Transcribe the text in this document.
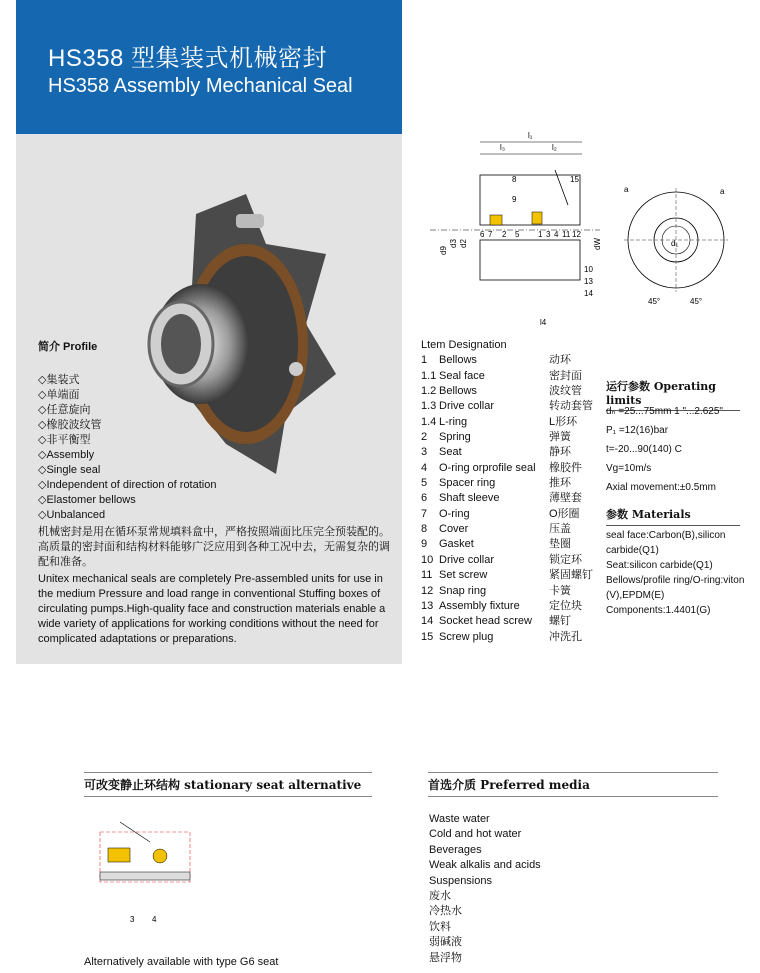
HS358 型集装式机械密封
HS358 Assembly Mechanical Seal
简介 Profile
◇集装式
◇单端面
◇任意旋向
◇橡胶波纹管
◇非平衡型
◇Assembly
◇Single seal
◇Independent of direction of rotation
◇Elastomer bellows
◇Unbalanced
机械密封是用在循环泵常规填料盒中，严格按照端面比压完全预装配的。高质量的密封面和结构材料能够广泛应用到各种工况中去，无需复杂的调配和准备。
Unitex mechanical seals are completely Pre-assembled units for use in the medium Pressure and load range in conventional Stuffing boxes of circulating pumps.High-quality face and construction materials enable a wide variety of applications for working conditions without the need for complicated adaptations or preparations.
l₁
l₃	l₂
d9
d3 d2	dW
8
9
15
6 7 2 5 1 3 4 11 12
10
13
14
l4
a	a
d₁
45°	45°
Ltem Designation
1	Bellows	动环
1.1 Seal face	密封面
1.2 Bellows	波纹管
1.3 Drive collar	转动套管
1.4 L-ring	L形环
2	Spring	弹簧
3	Seat	静环
4	O-ring orprofile seal	橡胶件
5	Spacer ring	推环
6	Shaft sleeve	薄壁套
7	O-ring	O形圈
8	Cover	压盖
9	Gasket	垫圈
10 Drive collar	锁定环
11 Set screw	紧固螺钉
12 Snap ring	卡簧
13 Assembly fixture	定位块
14 Socket head screw	螺钉
15 Screw plug	冲洗孔
运行参数 Operating limits
dₙ =25...75mm 1 "...2.625"
P₁ =12(16)bar
t=-20...90(140) C
Vg=10m/s
Axial movement:±0.5mm
参数 Materials
seal face:Carbon(B),silicon carbide(Q1)
Seat:silicon carbide(Q1)
Bellows/profile ring/O-ring:viton (V),EPDM(E)
Components:1.4401(G)
可改变静止环结构 stationary seat alternative
3 4
Alternatively available with type G6 seat
首选介质 Preferred media
Waste water
Cold and hot water
Beverages
Weak alkalis and acids
Suspensions
废水
冷热水
饮料
弱碱液
悬浮物
